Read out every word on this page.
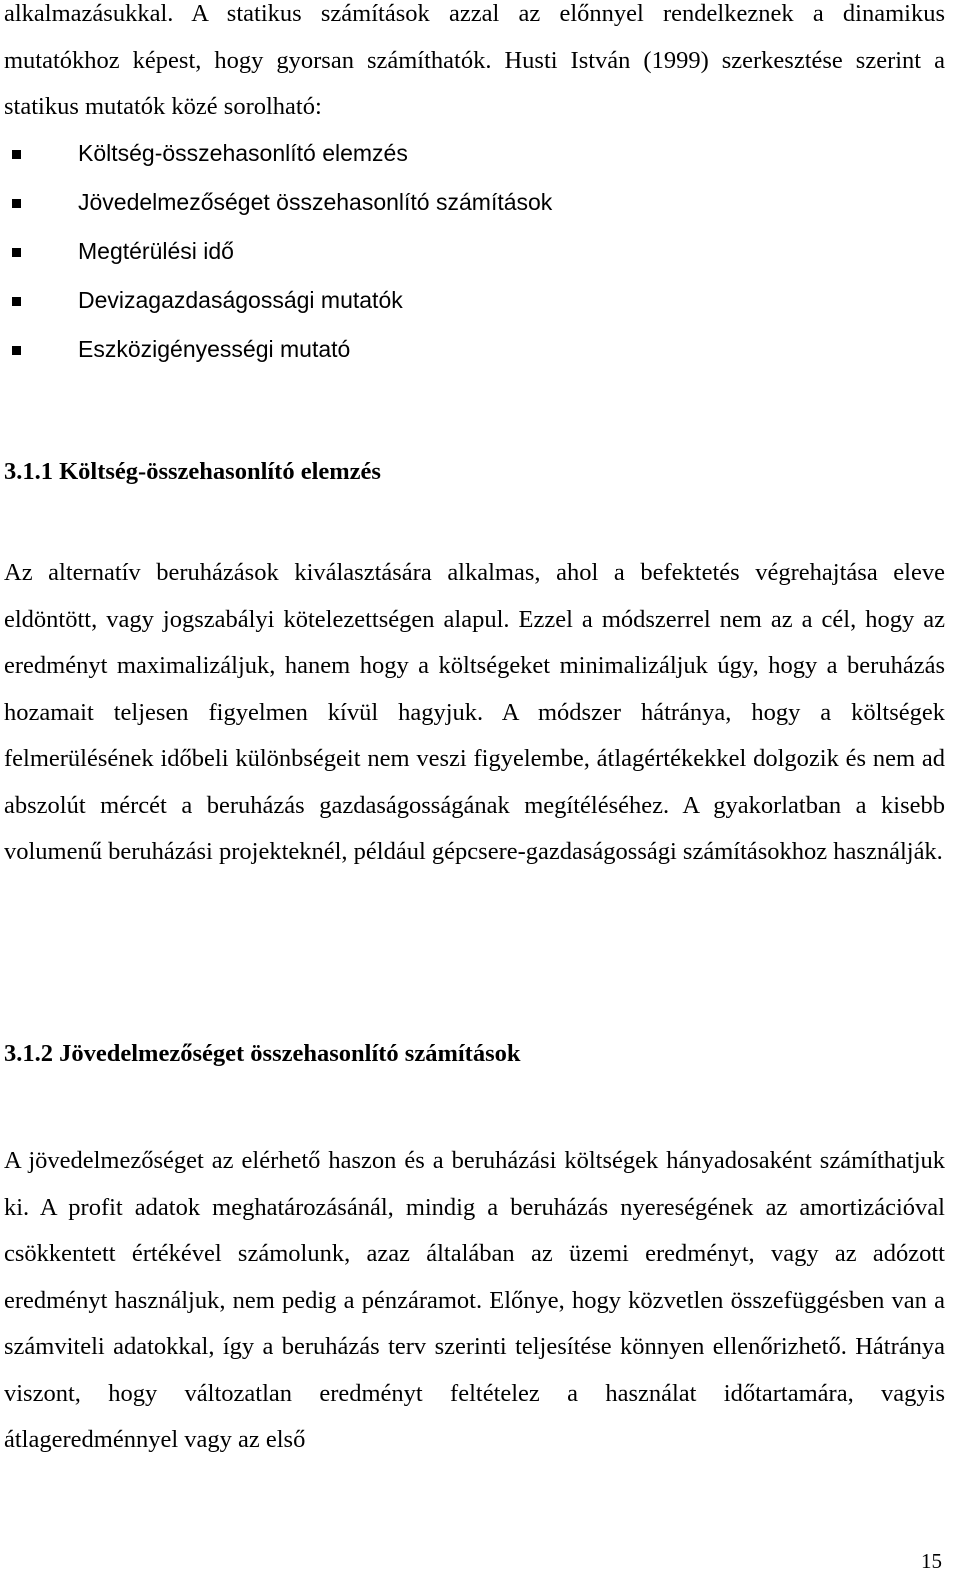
alkalmazásukkal. A statikus számítások azzal az előnnyel rendelkeznek a dinamikus mutatókhoz képest, hogy gyorsan számíthatók. Husti István (1999) szerkesztése szerint a statikus mutatók közé sorolható:

Költség-összehasonlító elemzés
Jövedelmezőséget összehasonlító számítások
Megtérülési idő
Devizagazdaságossági mutatók
Eszközigényességi mutató
3.1.1 Költség-összehasonlító elemzés

Az alternatív beruházások kiválasztására alkalmas, ahol a befektetés végrehajtása eleve eldöntött, vagy jogszabályi kötelezettségen alapul. Ezzel a módszerrel nem az a cél, hogy az eredményt maximalizáljuk, hanem hogy a költségeket minimalizáljuk úgy, hogy a beruházás hozamait teljesen figyelmen kívül hagyjuk. A módszer hátránya, hogy a költségek felmerülésének időbeli különbségeit nem veszi figyelembe, átlagértékekkel dolgozik és nem ad abszolút mércét a beruházás gazdaságosságának megítéléséhez. A gyakorlatban a kisebb volumenű beruházási projekteknél, például gépcsere-gazdaságossági számításokhoz használják.

3.1.2 Jövedelmezőséget összehasonlító számítások

A jövedelmezőséget az elérhető haszon és a beruházási költségek hányadosaként számíthatjuk ki. A profit adatok meghatározásánál, mindig a beruházás nyereségének az amortizációval csökkentett értékével számolunk, azaz általában az üzemi eredményt, vagy az adózott eredményt használjuk, nem pedig a pénzáramot. Előnye, hogy közvetlen összefüggésben van a számviteli adatokkal, így a beruházás terv szerinti teljesítése könnyen ellenőrizhető. Hátránya viszont, hogy változatlan eredményt feltételez a használat időtartamára, vagyis átlageredménnyel vagy az első

15
